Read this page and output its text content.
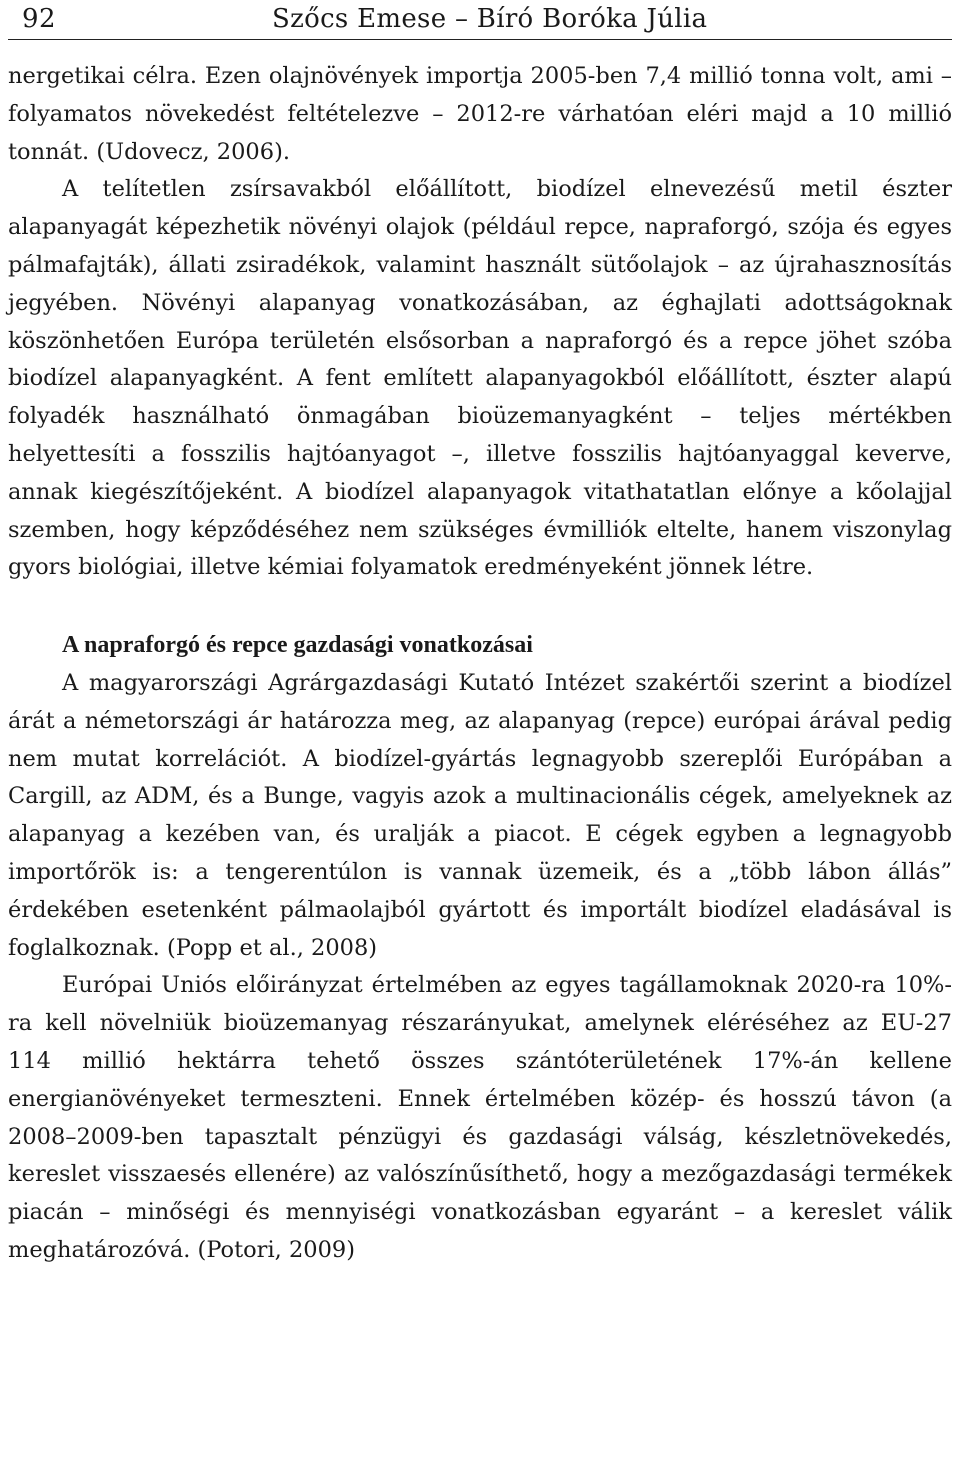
92	Szőcs Emese – Bíró Boróka Júlia

nergetikai célra. Ezen olajnövények importja 2005-ben 7,4 millió tonna volt, ami – folyamatos növekedést feltételezve – 2012-re várhatóan eléri majd a 10 millió tonnát. (Udovecz, 2006).

A telítetlen zsírsavakból előállított, biodízel elnevezésű metil észter alapanyagát képezhetik növényi olajok (például repce, napraforgó, szója és egyes pálmafajták), állati zsiradékok, valamint használt sütőolajok – az újrahasznosítás jegyében. Növényi alapanyag vonatkozásában, az éghajlati adottságoknak köszönhetően Európa területén elsősorban a napraforgó és a repce jöhet szóba biodízel alapanyagként. A fent említett alapanyagokból előállított, észter alapú folyadék használható önmagában bioüzemanyagként – teljes mértékben helyettesíti a fosszilis hajtóanyagot –, illetve fosszilis hajtóanyaggal keverve, annak kiegészítőjeként. A biodízel alapanyagok vitathatatlan előnye a kőolajjal szemben, hogy képződéséhez nem szükséges évmilliók eltelte, hanem viszonylag gyors biológiai, illetve kémiai folyamatok eredményeként jönnek létre.

A napraforgó és repce gazdasági vonatkozásai

A magyarországi Agrárgazdasági Kutató Intézet szakértői szerint a biodízel árát a németországi ár határozza meg, az alapanyag (repce) európai árával pedig nem mutat korrelációt. A biodízel-gyártás legnagyobb szereplői Európában a Cargill, az ADM, és a Bunge, vagyis azok a multinacionális cégek, amelyeknek az alapanyag a kezében van, és uralják a piacot. E cégek egyben a legnagyobb importőrök is: a tengerentúlon is vannak üzemeik, és a „több lábon állás” érdekében esetenként pálmaolajból gyártott és importált biodízel eladásával is foglalkoznak. (Popp et al., 2008)

Európai Uniós előirányzat értelmében az egyes tagállamoknak 2020-ra 10%-ra kell növelniük bioüzemanyag részarányukat, amelynek eléréséhez az EU-27 114 millió hektárra tehető összes szántóterületének 17%-án kellene energianövényeket termeszteni. Ennek értelmében közép- és hosszú távon (a 2008–2009-ben tapasztalt pénzügyi és gazdasági válság, készletnövekedés, kereslet visszaesés ellenére) az valószínűsíthető, hogy a mezőgazdasági termékek piacán – minőségi és mennyiségi vonatkozásban egyaránt – a kereslet válik meghatározóvá. (Potori, 2009)
